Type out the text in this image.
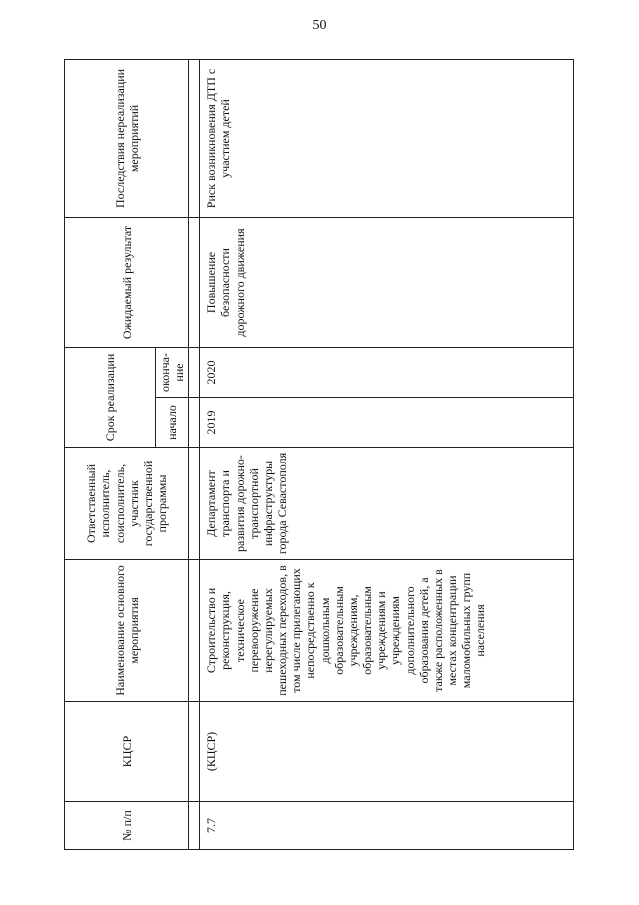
50
№ п/п	КЦСР	Наименование основного мероприятия	Ответственный исполнитель, соисполнитель, участник государственной программы	Срок реализации		Ожидаемый результат	Последствия нереализации мероприятий
				начало	оконча-ние		

7.7	(КЦСР)	Строительство и реконструкция, техническое перевооружение нерегулируемых пешеходных переходов, в том числе прилегающих непосредственно к дошкольным образовательным учреждениям, образовательным учреждениям и учреждениям дополнительного образования детей, а также расположенных в местах концентрации маломобильных групп населения	Департамент транспорта и развития дорожно-транспортной инфраструктуры города Севастополя	2019	2020	Повышение безопасности дорожного движения	Риск возникновения ДТП с участием детей
